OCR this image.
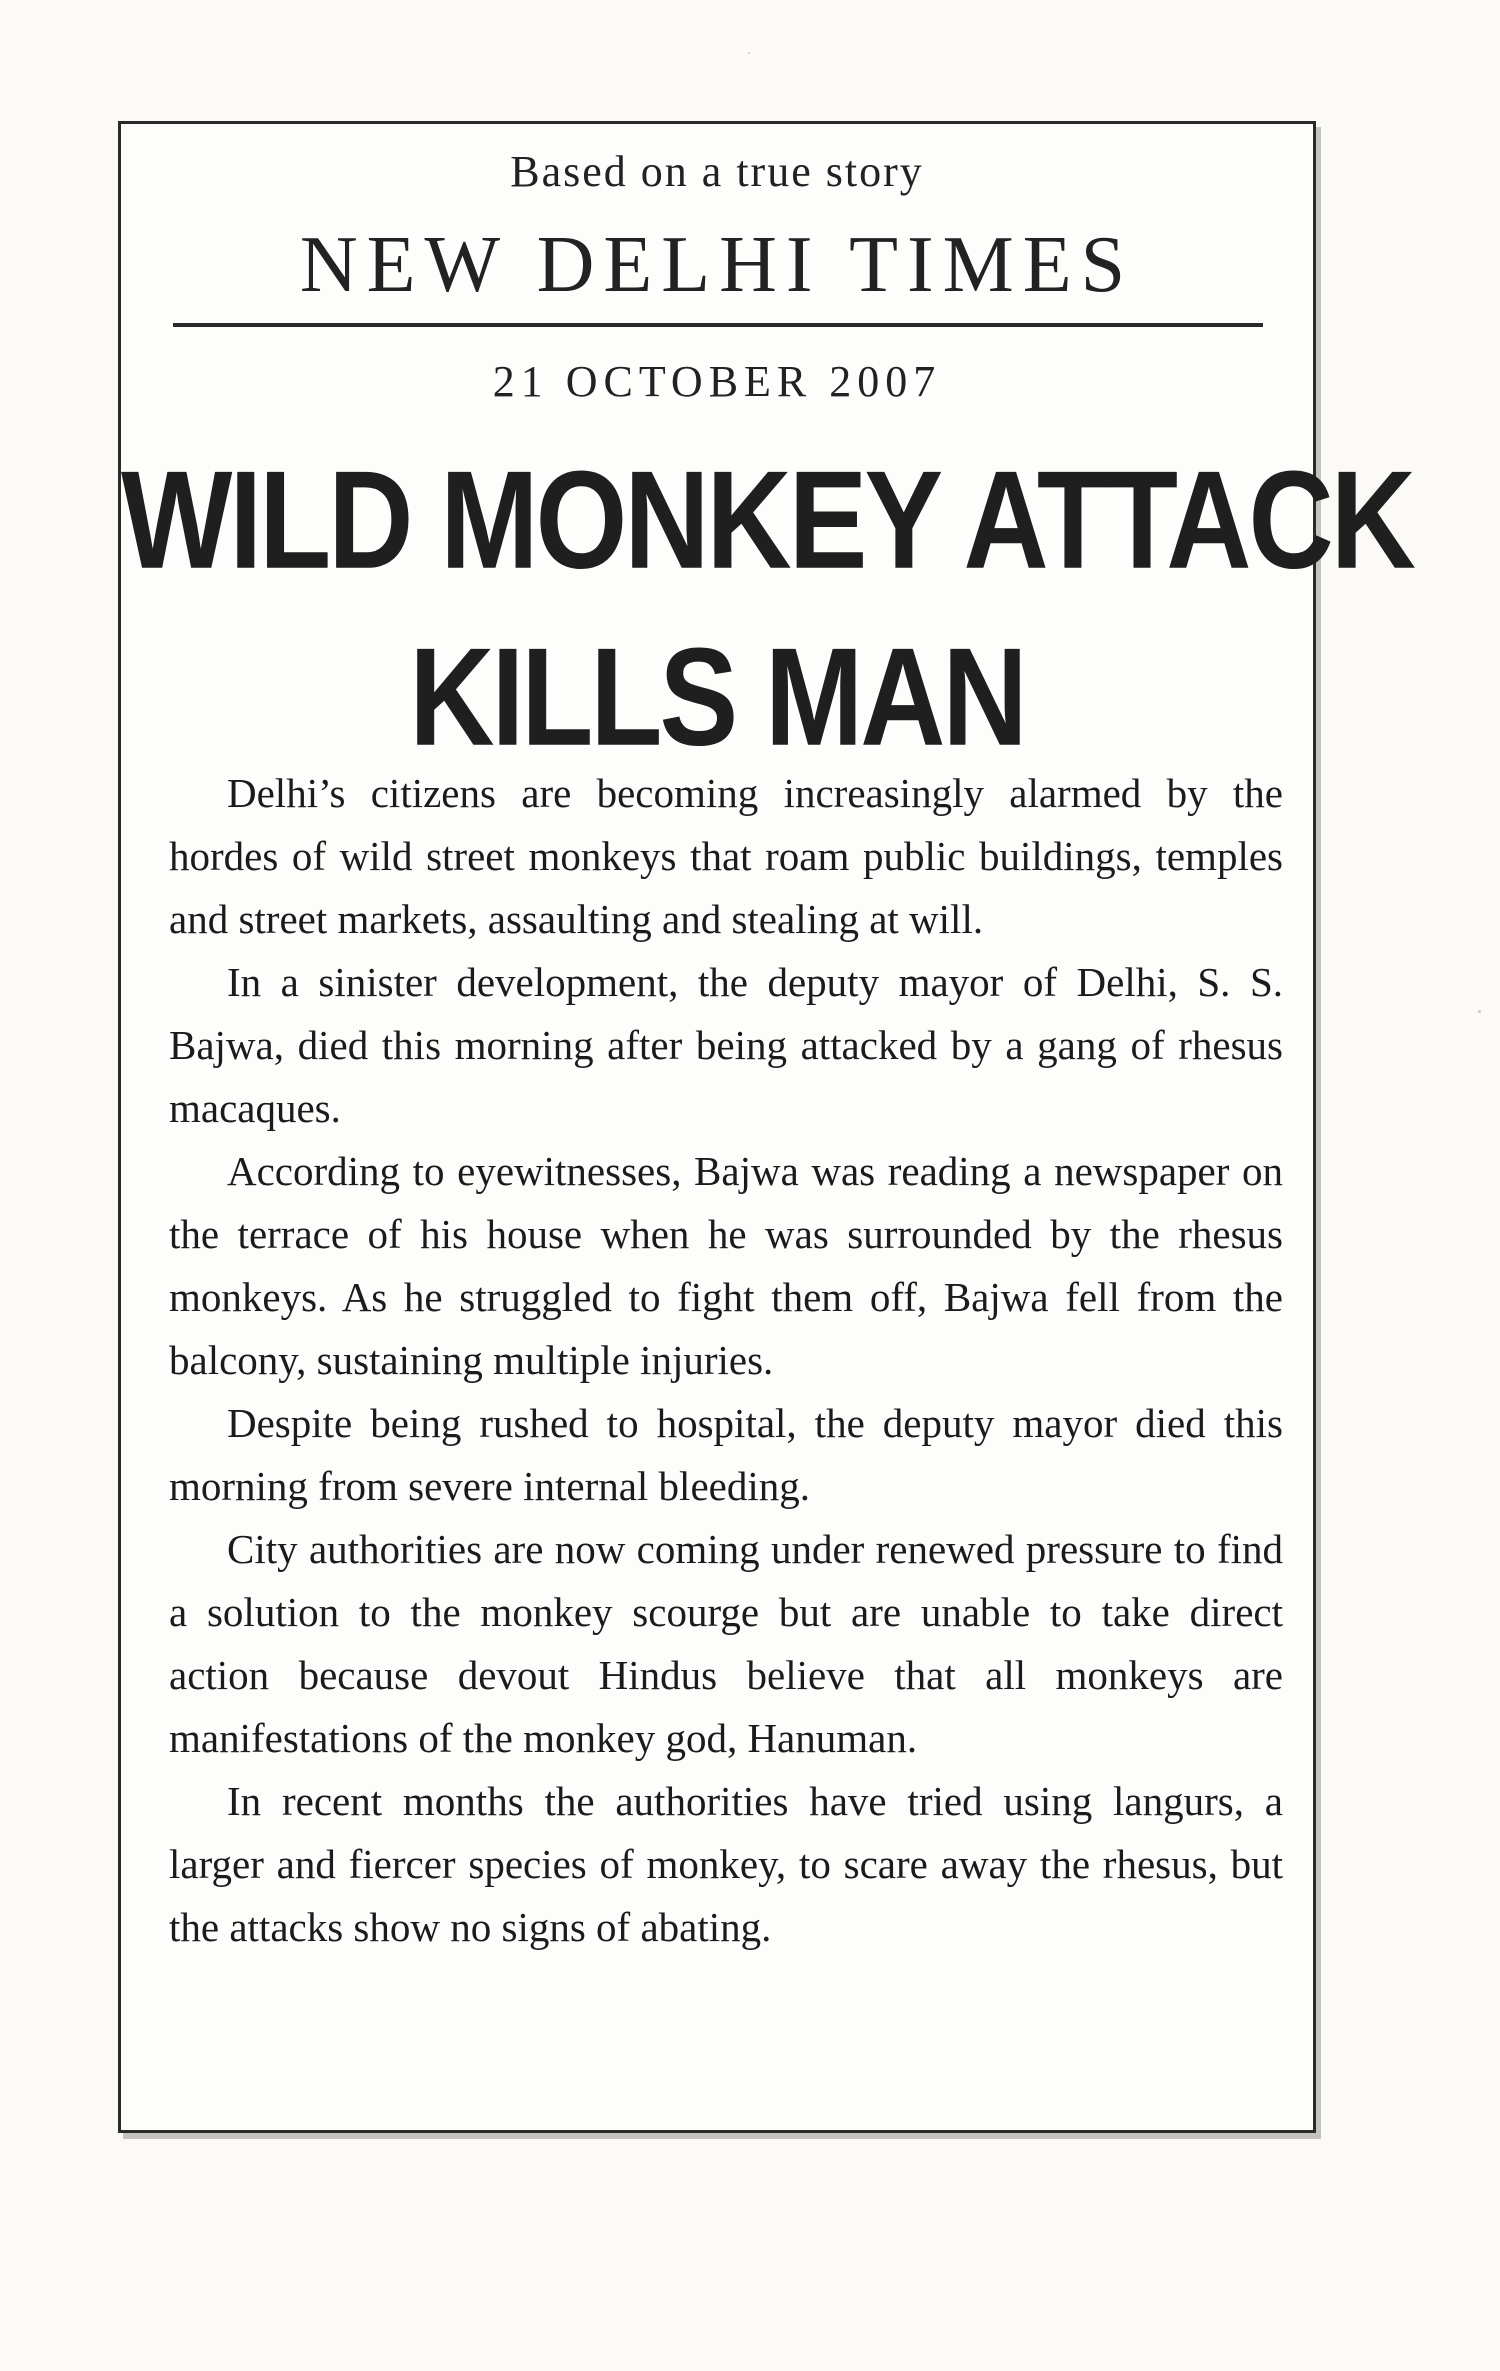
Based on a true story
NEW DELHI TIMES
21 OCTOBER 2007
WILD MONKEY ATTACK
KILLS MAN

Delhi’s citizens are becoming increasingly alarmed by the hordes of wild street monkeys that roam public buildings, temples and street markets, assaulting and stealing at will.

In a sinister development, the deputy mayor of Delhi, S. S. Bajwa, died this morning after being attacked by a gang of rhesus macaques.

According to eyewitnesses, Bajwa was reading a newspaper on the terrace of his house when he was surrounded by the rhesus monkeys. As he struggled to fight them off, Bajwa fell from the balcony, sustaining multiple injuries.

Despite being rushed to hospital, the deputy mayor died this morning from severe internal bleeding.

City authorities are now coming under renewed pressure to find a solution to the monkey scourge but are unable to take direct action because devout Hindus believe that all monkeys are manifestations of the monkey god, Hanuman.

In recent months the authorities have tried using langurs, a larger and fiercer species of monkey, to scare away the rhesus, but the attacks show no signs of abating.
